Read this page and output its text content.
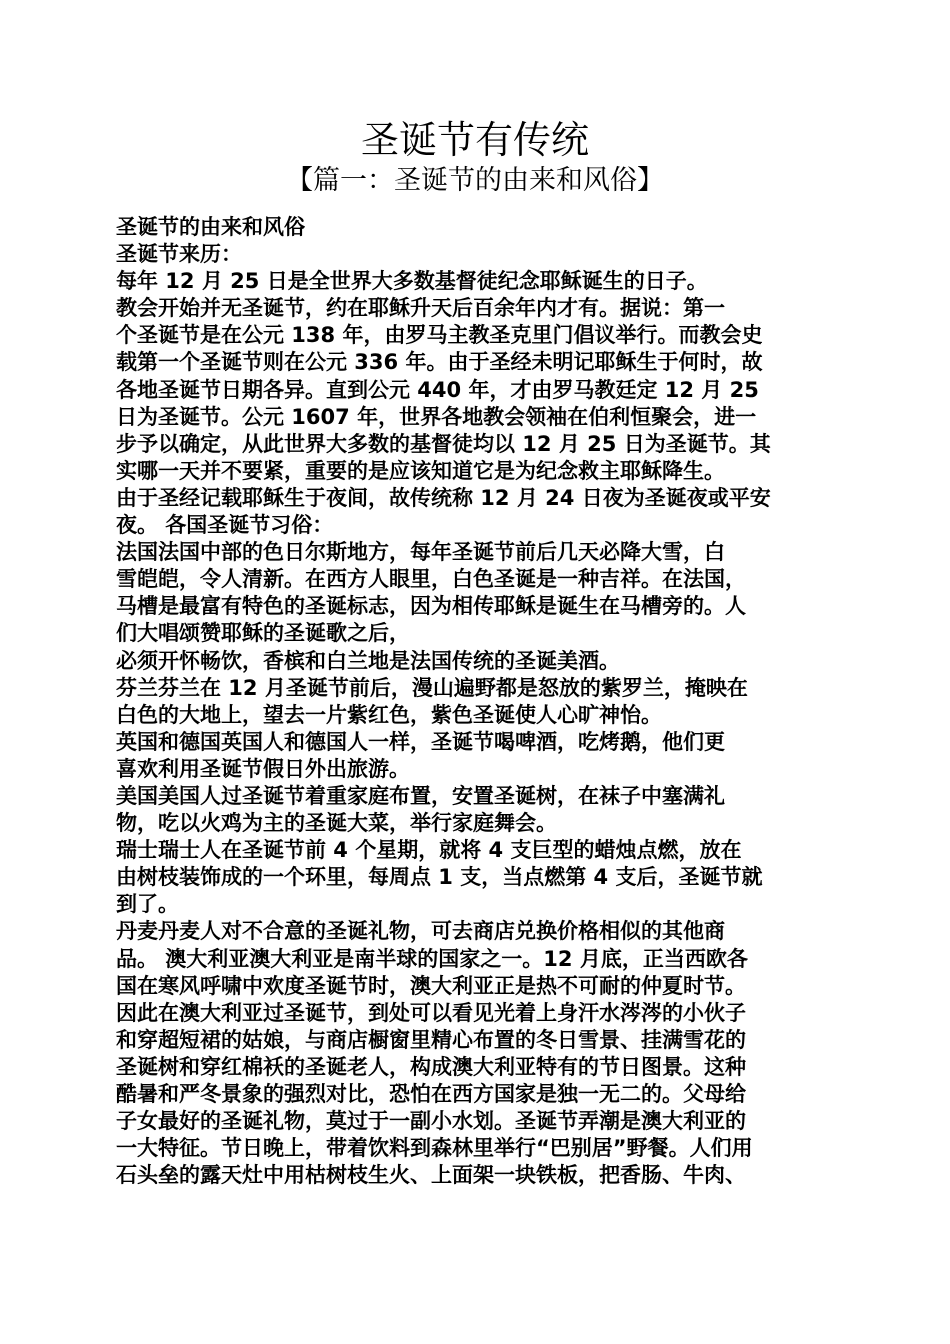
圣诞节有传统
【篇一：圣诞节的由来和风俗】
圣诞节的由来和风俗
圣诞节来历：
每年 12 月 25 日是全世界大多数基督徒纪念耶稣诞生的日子。
教会开始并无圣诞节，约在耶稣升天后百余年内才有。据说：第一
个圣诞节是在公元 138 年，由罗马主教圣克里门倡议举行。而教会史
载第一个圣诞节则在公元 336 年。由于圣经未明记耶稣生于何时，故
各地圣诞节日期各异。直到公元 440 年，才由罗马教廷定 12 月 25
日为圣诞节。公元 1607 年，世界各地教会领袖在伯利恒聚会，进一
步予以确定，从此世界大多数的基督徒均以 12 月 25 日为圣诞节。其
实哪一天并不要紧，重要的是应该知道它是为纪念救主耶稣降生。
由于圣经记载耶稣生于夜间，故传统称 12 月 24 日夜为圣诞夜或平安
夜。 各国圣诞节习俗：
法国法国中部的色日尔斯地方，每年圣诞节前后几天必降大雪，白
雪皑皑，令人清新。在西方人眼里，白色圣诞是一种吉祥。在法国，
马槽是最富有特色的圣诞标志，因为相传耶稣是诞生在马槽旁的。人
们大唱颂赞耶稣的圣诞歌之后，
必须开怀畅饮，香槟和白兰地是法国传统的圣诞美酒。
芬兰芬兰在 12 月圣诞节前后，漫山遍野都是怒放的紫罗兰，掩映在
白色的大地上，望去一片紫红色，紫色圣诞使人心旷神怡。
英国和德国英国人和德国人一样，圣诞节喝啤酒，吃烤鹅，他们更
喜欢利用圣诞节假日外出旅游。
美国美国人过圣诞节着重家庭布置，安置圣诞树，在袜子中塞满礼
物，吃以火鸡为主的圣诞大菜，举行家庭舞会。
瑞士瑞士人在圣诞节前 4 个星期，就将 4 支巨型的蜡烛点燃，放在
由树枝装饰成的一个环里，每周点 1 支，当点燃第 4 支后，圣诞节就
到了。
丹麦丹麦人对不合意的圣诞礼物，可去商店兑换价格相似的其他商
品。 澳大利亚澳大利亚是南半球的国家之一。12 月底，正当西欧各
国在寒风呼啸中欢度圣诞节时，澳大利亚正是热不可耐的仲夏时节。
因此在澳大利亚过圣诞节，到处可以看见光着上身汗水涔涔的小伙子
和穿超短裙的姑娘，与商店橱窗里精心布置的冬日雪景、挂满雪花的
圣诞树和穿红棉袄的圣诞老人，构成澳大利亚特有的节日图景。这种
酷暑和严冬景象的强烈对比，恐怕在西方国家是独一无二的。父母给
子女最好的圣诞礼物，莫过于一副小水划。圣诞节弄潮是澳大利亚的
一大特征。节日晚上，带着饮料到森林里举行“巴别居”野餐。人们用
石头垒的露天灶中用枯树枝生火、上面架一块铁板，把香肠、牛肉、
